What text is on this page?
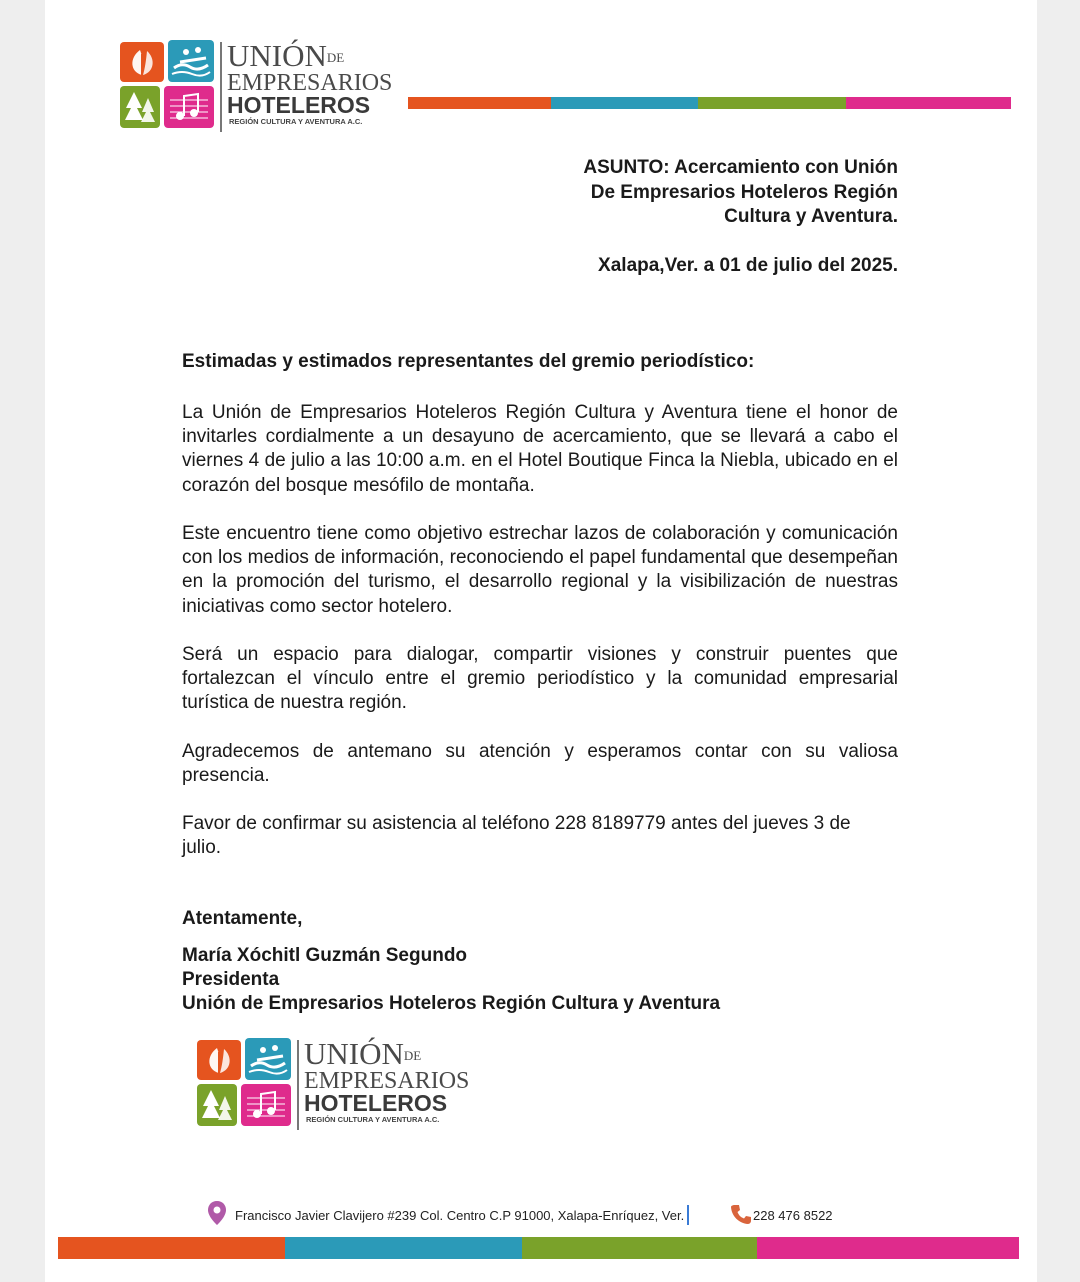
$UNIÓN^{DE}$
EMPRESARIOS
HOTELEROS
REGIÓN CULTURA Y AVENTURA A.C.
ASUNTO: Acercamiento con Unión
De Empresarios Hoteleros Región
Cultura y Aventura.
Xalapa,Ver. a 01 de julio del 2025.
Estimadas y estimados representantes del gremio periodístico:
La Unión de Empresarios Hoteleros Región Cultura y Aventura tiene el honor de invitarles cordialmente a un desayuno de acercamiento, que se llevará a cabo el viernes 4 de julio a las 10:00 a.m. en el Hotel Boutique Finca la Niebla, ubicado en el corazón del bosque mesófilo de montaña.
Este encuentro tiene como objetivo estrechar lazos de colaboración y comunicación con los medios de información, reconociendo el papel fundamental que desempeñan en la promoción del turismo, el desarrollo regional y la visibilización de nuestras iniciativas como sector hotelero.
Será un espacio para dialogar, compartir visiones y construir puentes que fortalezcan el vínculo entre el gremio periodístico y la comunidad empresarial turística de nuestra región.
Agradecemos de antemano su atención y esperamos contar con su valiosa presencia.
Favor de confirmar su asistencia al teléfono 228 8189779 antes del jueves 3 de julio.
Atentamente,
María Xóchitl Guzmán Segundo
Presidenta
Unión de Empresarios Hoteleros Región Cultura y Aventura
$UNIÓN^{DE}$
EMPRESARIOS
HOTELEROS
REGIÓN CULTURA Y AVENTURA A.C.
Francisco Javier Clavijero #239 Col. Centro C.P 91000, Xalapa-Enríquez, Ver.	228 476 8522
